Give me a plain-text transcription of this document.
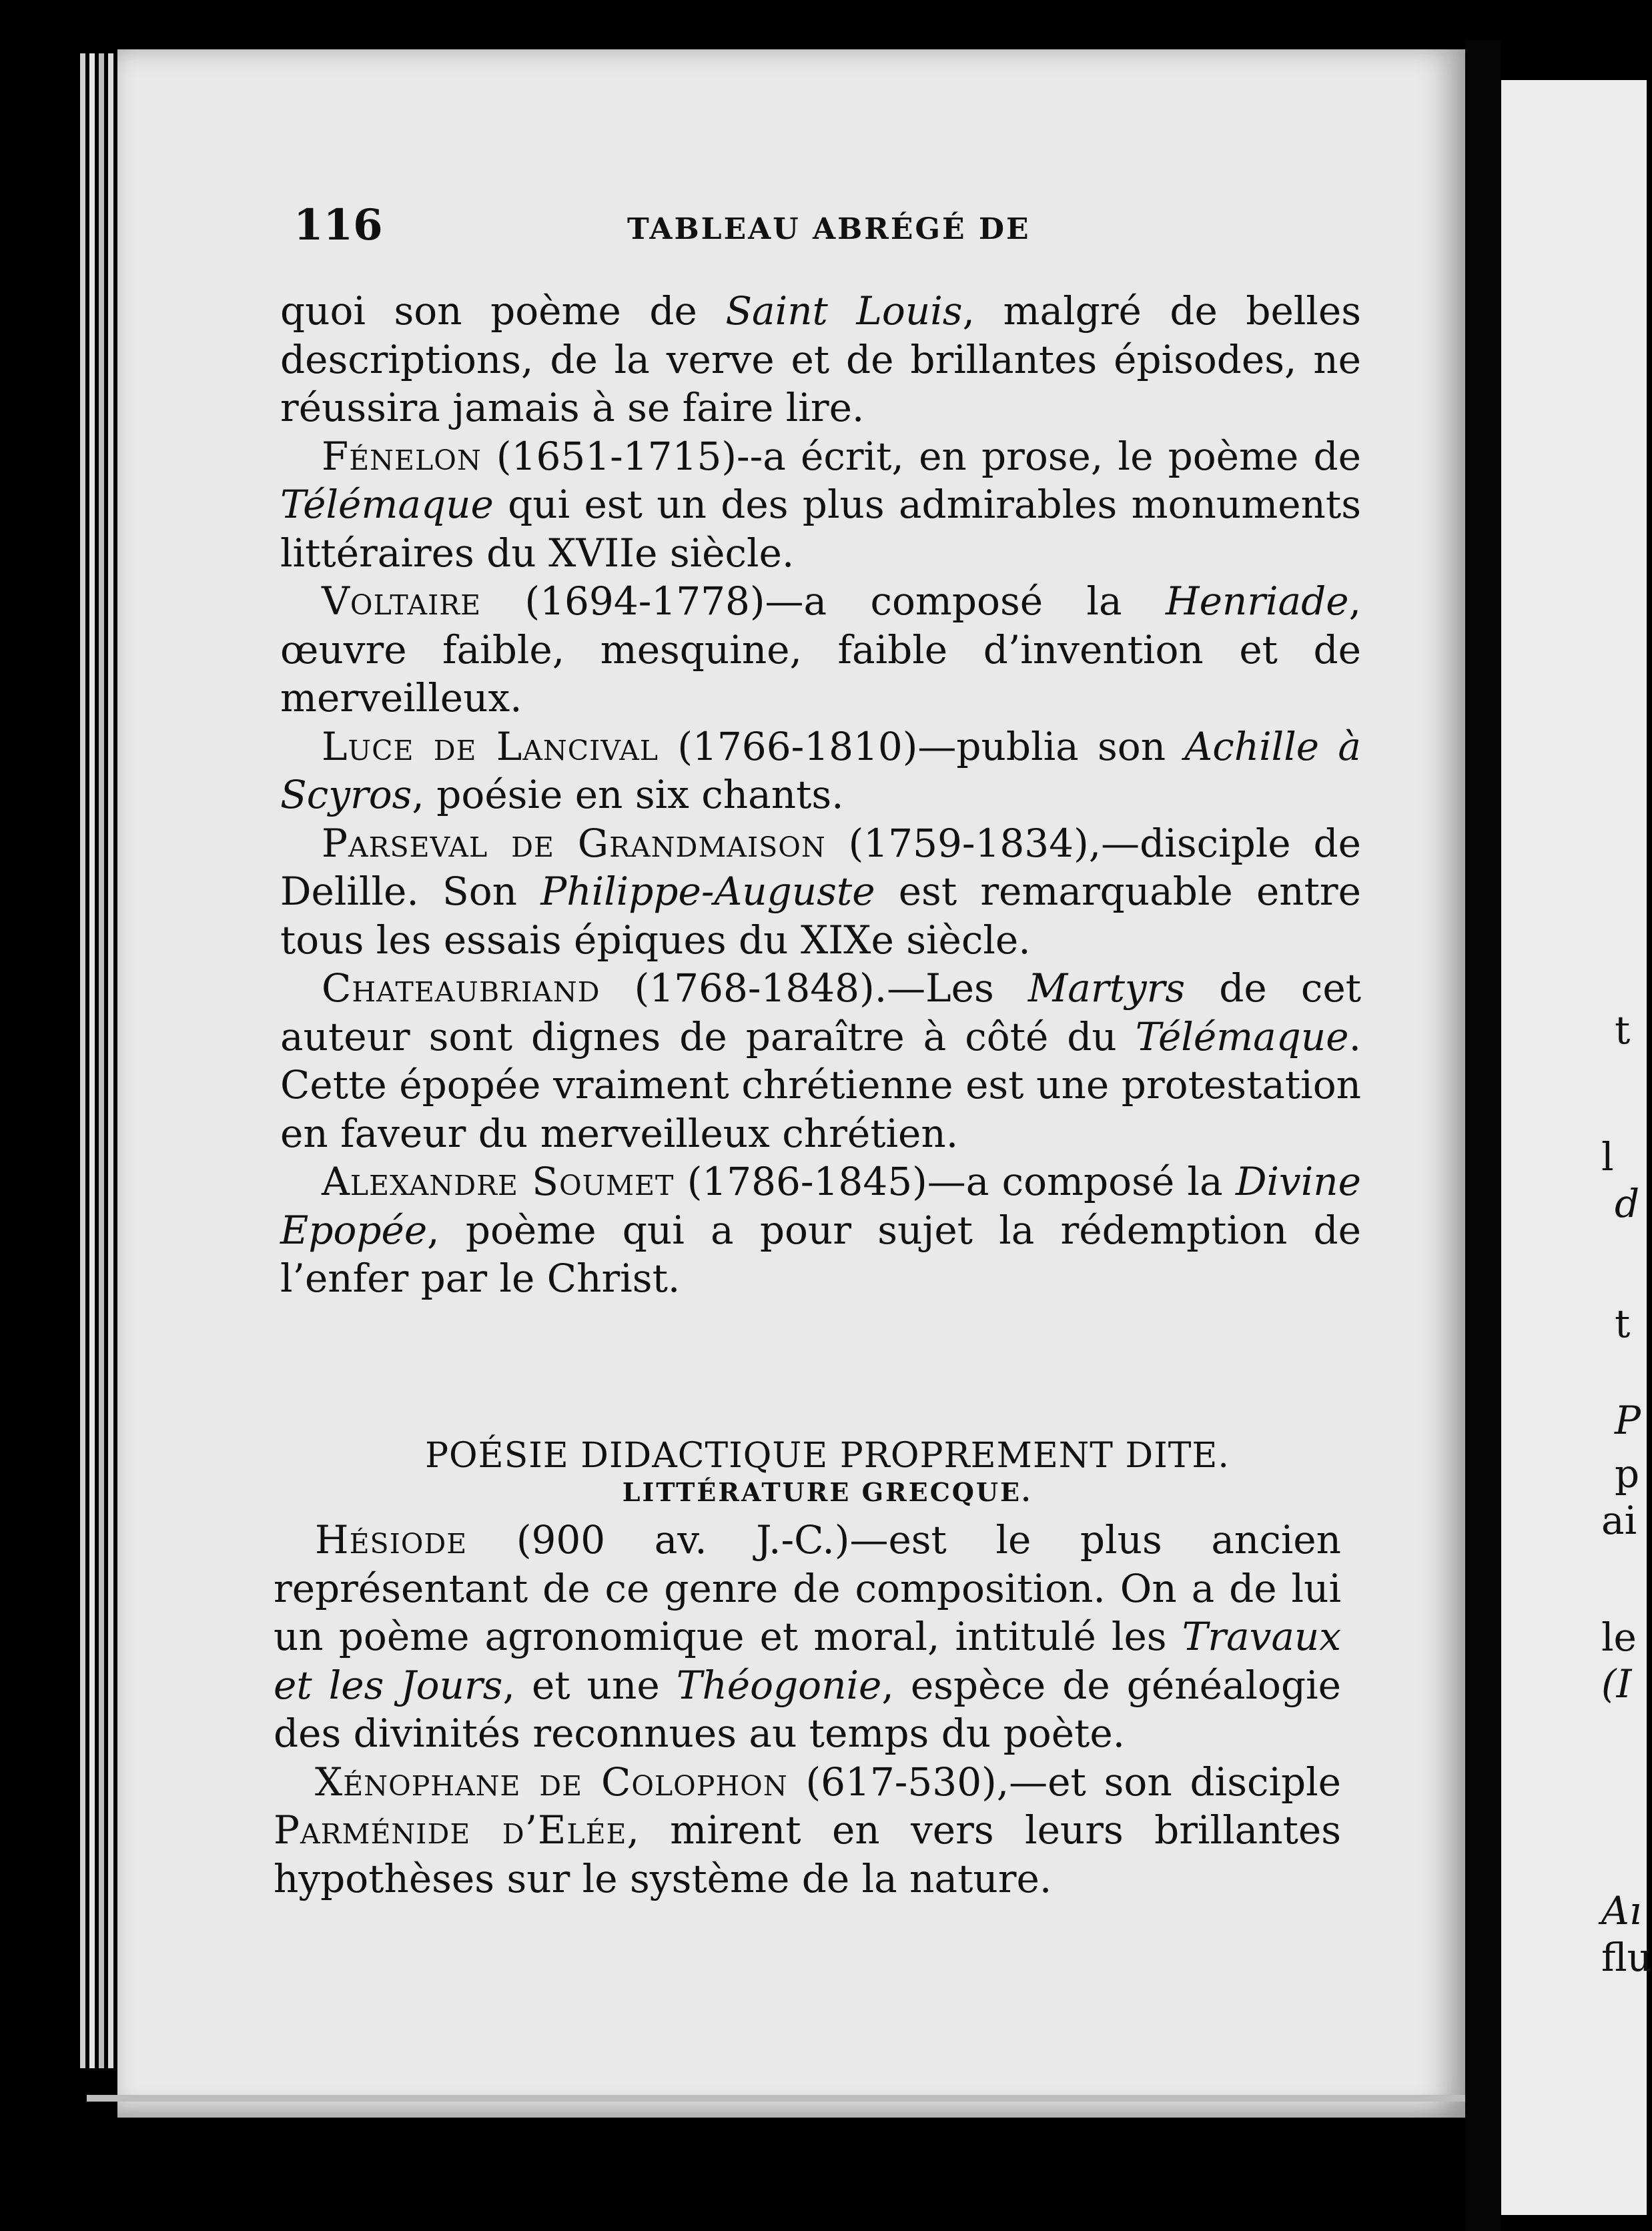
t
l
d
t
P
p
ai
le
(I
Aı
flu
116	TABLEAU ABRÉGÉ DE

quoi son poème de Saint Louis, malgré de belles descriptions, de la verve et de brillantes épisodes, ne réussira jamais à se faire lire.

Fénelon (1651-1715)--a écrit, en prose, le poème de Télémaque qui est un des plus admirables monuments littéraires du XVIIe siècle.

Voltaire (1694-1778)—a composé la Henriade, œuvre faible, mesquine, faible d’invention et de merveilleux.

Luce de Lancival (1766-1810)—publia son Achille à Scyros, poésie en six chants.

Parseval de Grandmaison (1759-1834),—disciple de Delille. Son Philippe-Auguste est remarquable entre tous les essais épiques du XIXe siècle.

Chateaubriand (1768-1848).—Les Martyrs de cet auteur sont dignes de paraître à côté du Télémaque. Cette épopée vraiment chrétienne est une protestation en faveur du merveilleux chrétien.

Alexandre Soumet (1786-1845)—a composé la Divine Epopée, poème qui a pour sujet la rédemption de l’enfer par le Christ.

POÉSIE DIDACTIQUE PROPREMENT DITE.
LITTÉRATURE GRECQUE.

Hésiode (900 av. J.-C.)—est le plus ancien représentant de ce genre de composition. On a de lui un poème agronomique et moral, intitulé les Travaux et les Jours, et une Théogonie, espèce de généalogie des divinités reconnues au temps du poète.

Xénophane de Colophon (617-530),—et son disciple Parménide d’Elée, mirent en vers leurs brillantes hypothèses sur le système de la nature.
